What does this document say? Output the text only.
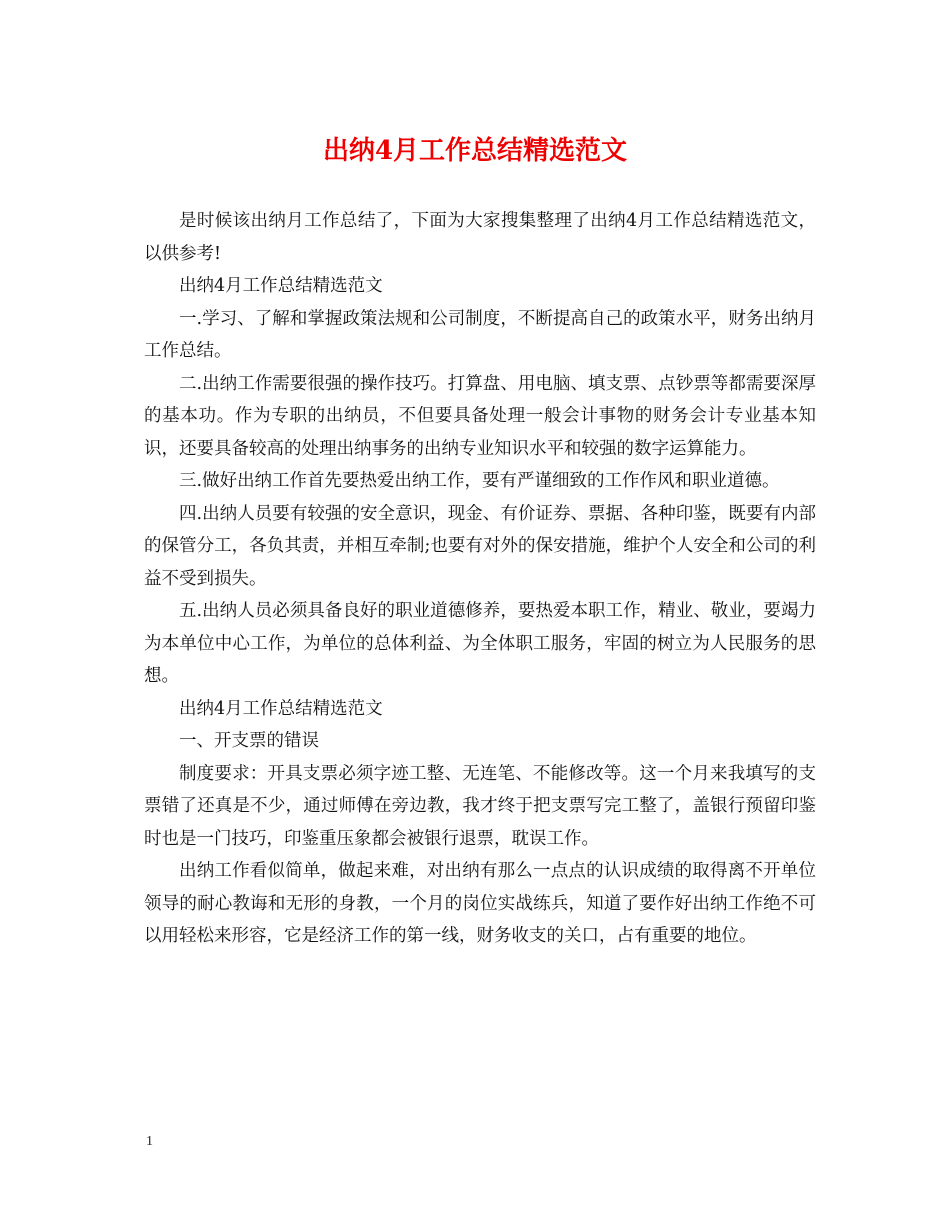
出纳4月工作总结精选范文

是时候该出纳月工作总结了，下面为大家搜集整理了出纳4月工作总结精选范文，以供参考!

出纳4月工作总结精选范文

一.学习、了解和掌握政策法规和公司制度，不断提高自己的政策水平，财务出纳月工作总结。

二.出纳工作需要很强的操作技巧。打算盘、用电脑、填支票、点钞票等都需要深厚的基本功。作为专职的出纳员，不但要具备处理一般会计事物的财务会计专业基本知识，还要具备较高的处理出纳事务的出纳专业知识水平和较强的数字运算能力。

三.做好出纳工作首先要热爱出纳工作，要有严谨细致的工作作风和职业道德。

四.出纳人员要有较强的安全意识，现金、有价证券、票据、各种印鉴，既要有内部的保管分工，各负其责，并相互牵制;也要有对外的保安措施，维护个人安全和公司的利益不受到损失。

五.出纳人员必须具备良好的职业道德修养，要热爱本职工作，精业、敬业，要竭力为本单位中心工作，为单位的总体利益、为全体职工服务，牢固的树立为人民服务的思想。

出纳4月工作总结精选范文

一、开支票的错误

制度要求：开具支票必须字迹工整、无连笔、不能修改等。这一个月来我填写的支票错了还真是不少，通过师傅在旁边教，我才终于把支票写完工整了，盖银行预留印鉴时也是一门技巧，印鉴重压象都会被银行退票，耽误工作。

出纳工作看似简单，做起来难，对出纳有那么一点点的认识成绩的取得离不开单位领导的耐心教诲和无形的身教，一个月的岗位实战练兵，知道了要作好出纳工作绝不可以用轻松来形容，它是经济工作的第一线，财务收支的关口，占有重要的地位。

1
